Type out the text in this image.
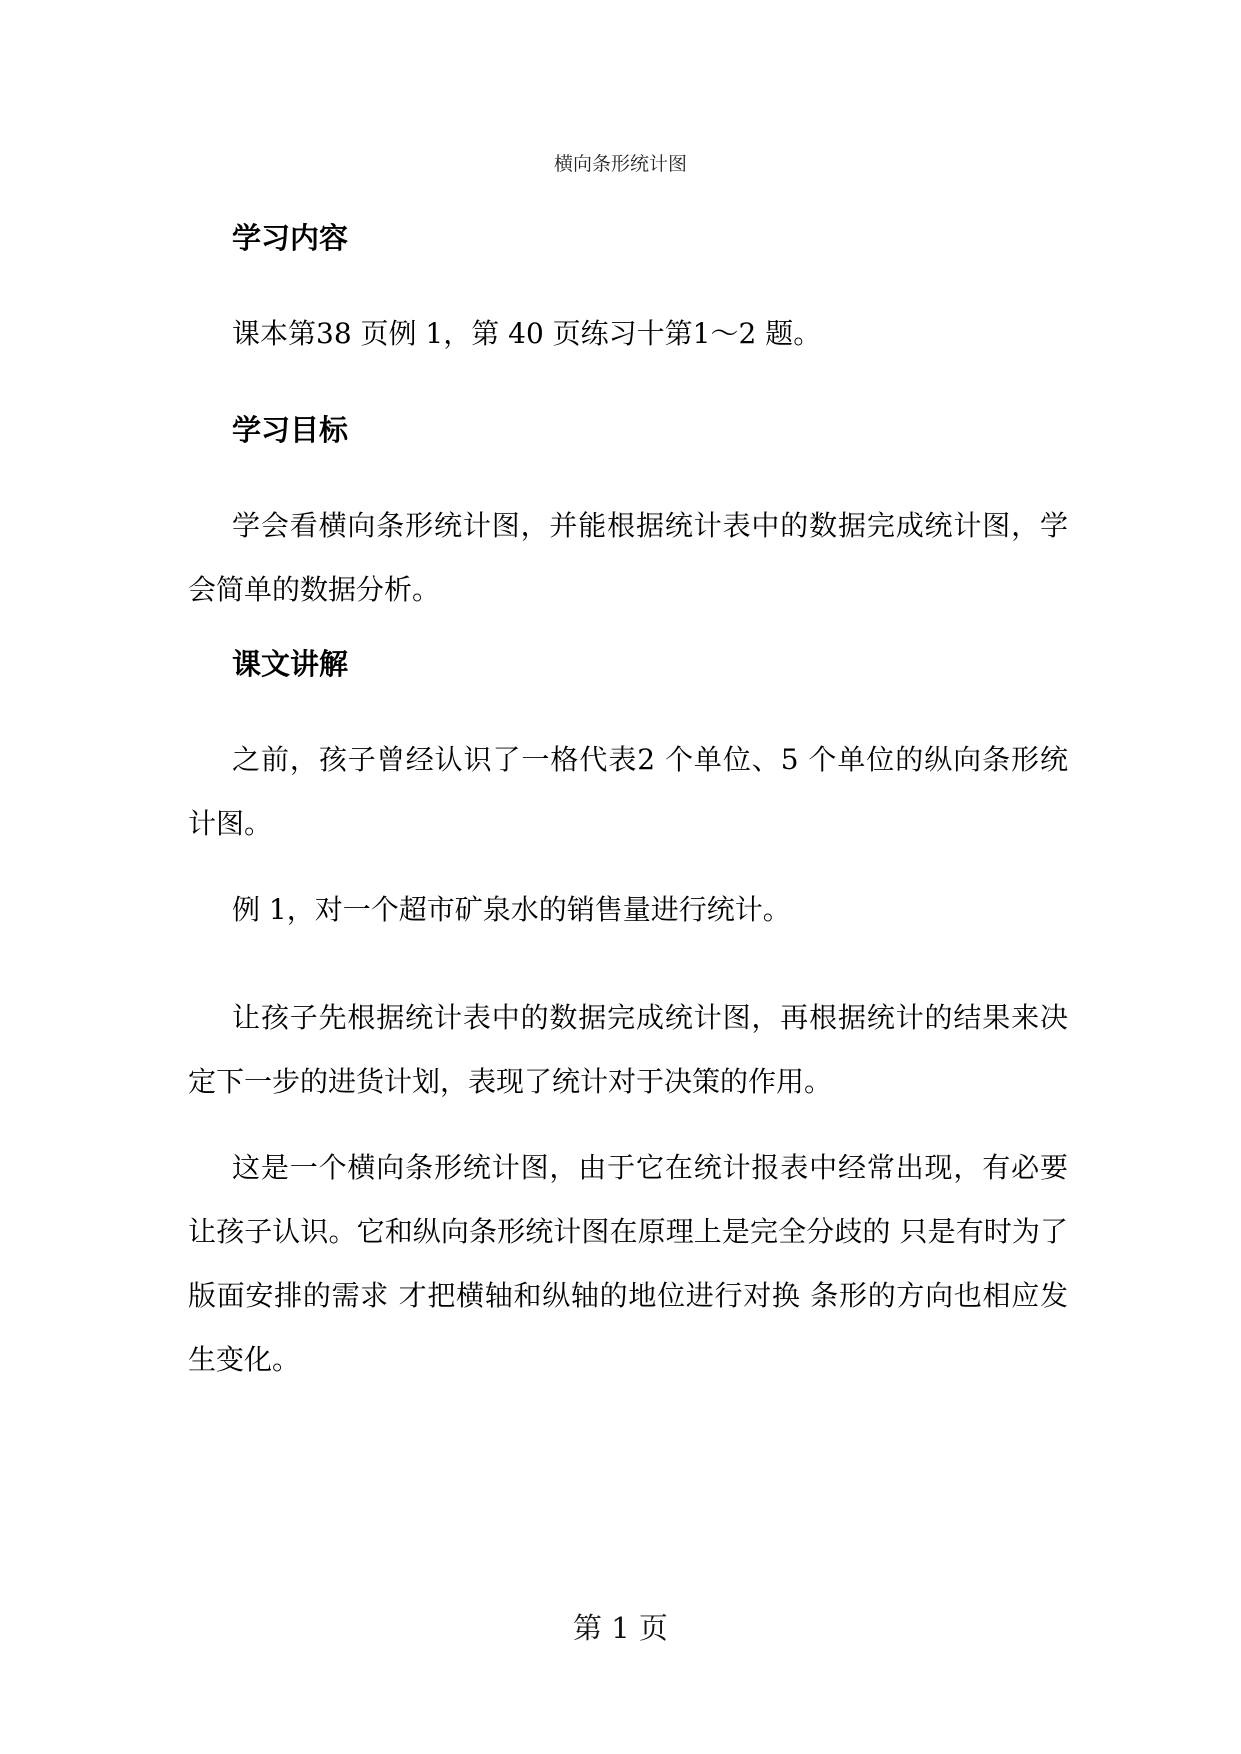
横向条形统计图
学习内容

课本第38 页例 1，第 40 页练习十第1～2 题。

学习目标

学会看横向条形统计图，并能根据统计表中的数据完成统计图，学会简单的数据分析。

课文讲解

之前，孩子曾经认识了一格代表2 个单位、5 个单位的纵向条形统计图。

例 1，对一个超市矿泉水的销售量进行统计。

让孩子先根据统计表中的数据完成统计图，再根据统计的结果来决定下一步的进货计划，表现了统计对于决策的作用。

这是一个横向条形统计图，由于它在统计报表中经常出现，有必要让孩子认识。它和纵向条形统计图在原理上是完全分歧的 只是有时为了版面安排的需求 才把横轴和纵轴的地位进行对换 条形的方向也相应发生变化。

第 1 页
